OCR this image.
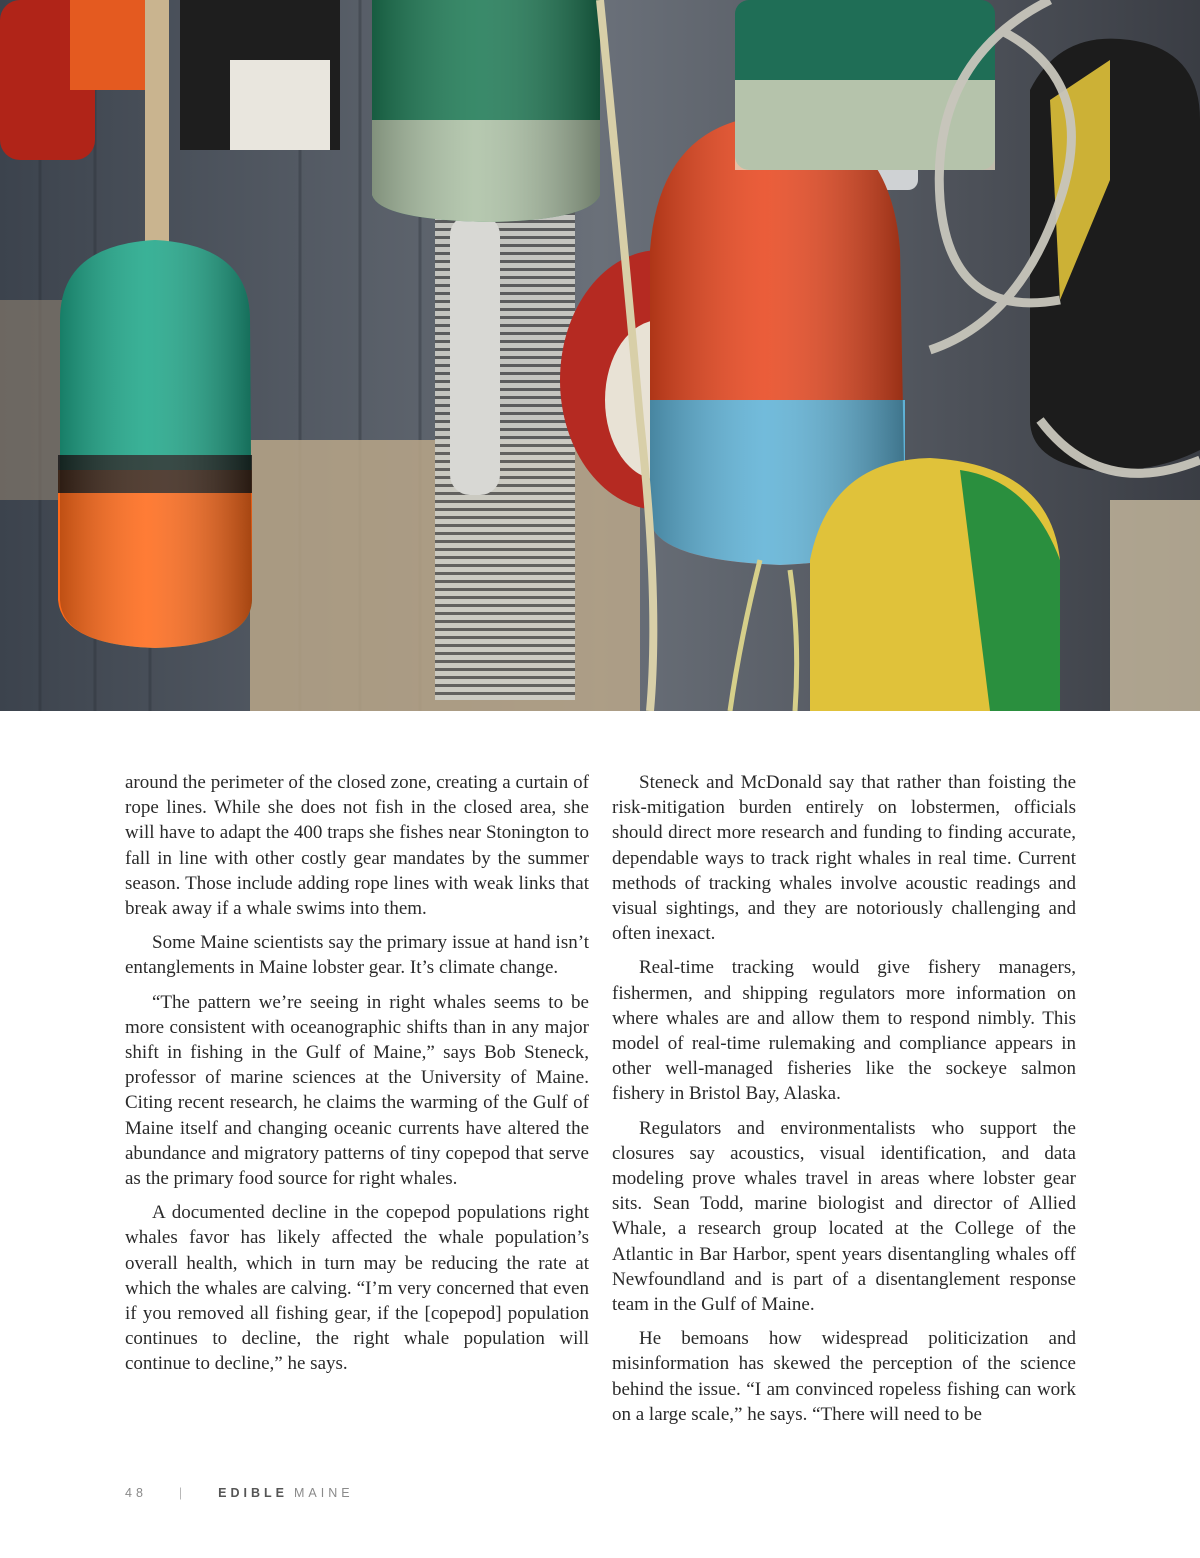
around the perimeter of the closed zone, creating a curtain of rope lines. While she does not fish in the closed area, she will have to adapt the 400 traps she fishes near Stonington to fall in line with other costly gear mandates by the summer season. Those include adding rope lines with weak links that break away if a whale swims into them.

Some Maine scientists say the primary issue at hand isn’t entanglements in Maine lobster gear. It’s climate change.

“The pattern we’re seeing in right whales seems to be more consistent with oceanographic shifts than in any major shift in fishing in the Gulf of Maine,” says Bob Steneck, professor of marine sciences at the University of Maine. Citing recent research, he claims the warming of the Gulf of Maine itself and changing oceanic currents have altered the abundance and migratory patterns of tiny copepod that serve as the primary food source for right whales.

A documented decline in the copepod populations right whales favor has likely affected the whale population’s overall health, which in turn may be reducing the rate at which the whales are calving. “I’m very concerned that even if you removed all fishing gear, if the [copepod] population continues to decline, the right whale population will continue to decline,” he says.

Steneck and McDonald say that rather than foisting the risk-mitigation burden entirely on lobstermen, officials should direct more research and funding to finding accurate, dependable ways to track right whales in real time. Current methods of tracking whales involve acoustic readings and visual sightings, and they are notoriously challenging and often inexact.

Real-time tracking would give fishery managers, fishermen, and shipping regulators more information on where whales are and allow them to respond nimbly. This model of real-time rulemaking and compliance appears in other well-managed fisheries like the sockeye salmon fishery in Bristol Bay, Alaska.

Regulators and environmentalists who support the closures say acoustics, visual identification, and data modeling prove whales travel in areas where lobster gear sits. Sean Todd, marine biologist and director of Allied Whale, a research group located at the College of the Atlantic in Bar Harbor, spent years disentangling whales off Newfoundland and is part of a disentanglement response team in the Gulf of Maine.

He bemoans how widespread politicization and misinformation has skewed the perception of the science behind the issue. “I am convinced ropeless fishing can work on a large scale,” he says. “There will need to be

48	|	EDIBLE MAINE
